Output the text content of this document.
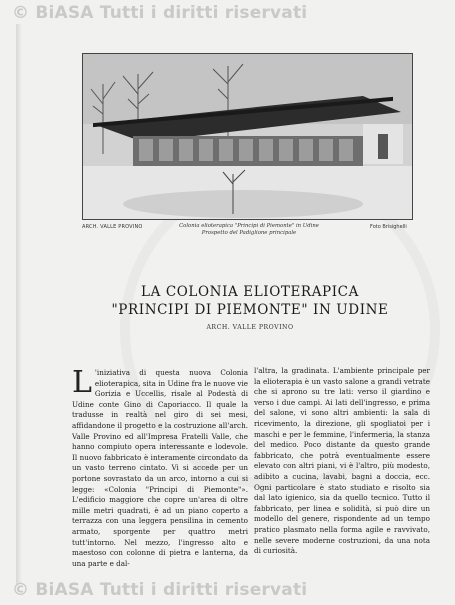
© BiASA Tutti i diritti riservati
ARCH. VALLE PROVINO	Colonia elioterapica "Principi di Piemonte" in Udine
Prospetto del Padiglione principale
Foto Brisighelli
LA COLONIA ELIOTERAPICA
"PRINCIPI DI PIEMONTE" IN UDINE
ARCH. VALLE PROVINO
L 'iniziativa di questa nuova Colonia elioterapica, sita in Udine fra le nuove vie Gorizia e Uccellis, risale al Podestà di Udine conte Gino di Caporiacco. Il quale la tradusse in realtà nel giro di sei mesi, affidandone il progetto e la costruzione all'arch. Valle Provino ed all'Impresa Fratelli Valle, che hanno compiuto opera interessante e lodevole. Il nuovo fabbricato è interamente circondato da un vasto terreno cintato. Vi si accede per un portone sovrastato da un arco, intorno a cui si legge: «Colonia "Principi di Piemonte"». L'edificio maggiore che copre un'area di oltre mille metri quadrati, è ad un piano coperto a terrazza con una leggera pensilina in cemento armato, sporgente per quattro metri tutt'intorno. Nel mezzo, l'ingresso alto e maestoso con colonne di pietra e lanterna, da una parte e dal-

l'altra, la gradinata. L'ambiente principale per la elioterapia è un vasto salone a grandi vetrate che si aprono su tre lati: verso il giardino e verso i due campi. Ai lati dell'ingresso, e prima del salone, vi sono altri ambienti: la sala di ricevimento, la direzione, gli spogliatoi per i maschi e per le femmine, l'infermeria, la stanza del medico. Poco distante da questo grande fabbricato, che potrà eventualmente essere elevato con altri piani, vi è l'altro, più modesto, adibito a cucina, lavabi, bagni a doccia, ecc. Ogni particolare è stato studiato e risolto sia dal lato igienico, sia da quello tecnico. Tutto il fabbricato, per linea e solidità, si può dire un modello del genere, rispondente ad un tempo pratico plasmato nella forma agile e ravvivato, nelle severe moderne costruzioni, da una nota di curiosità.

© BiASA Tutti i diritti riservati
